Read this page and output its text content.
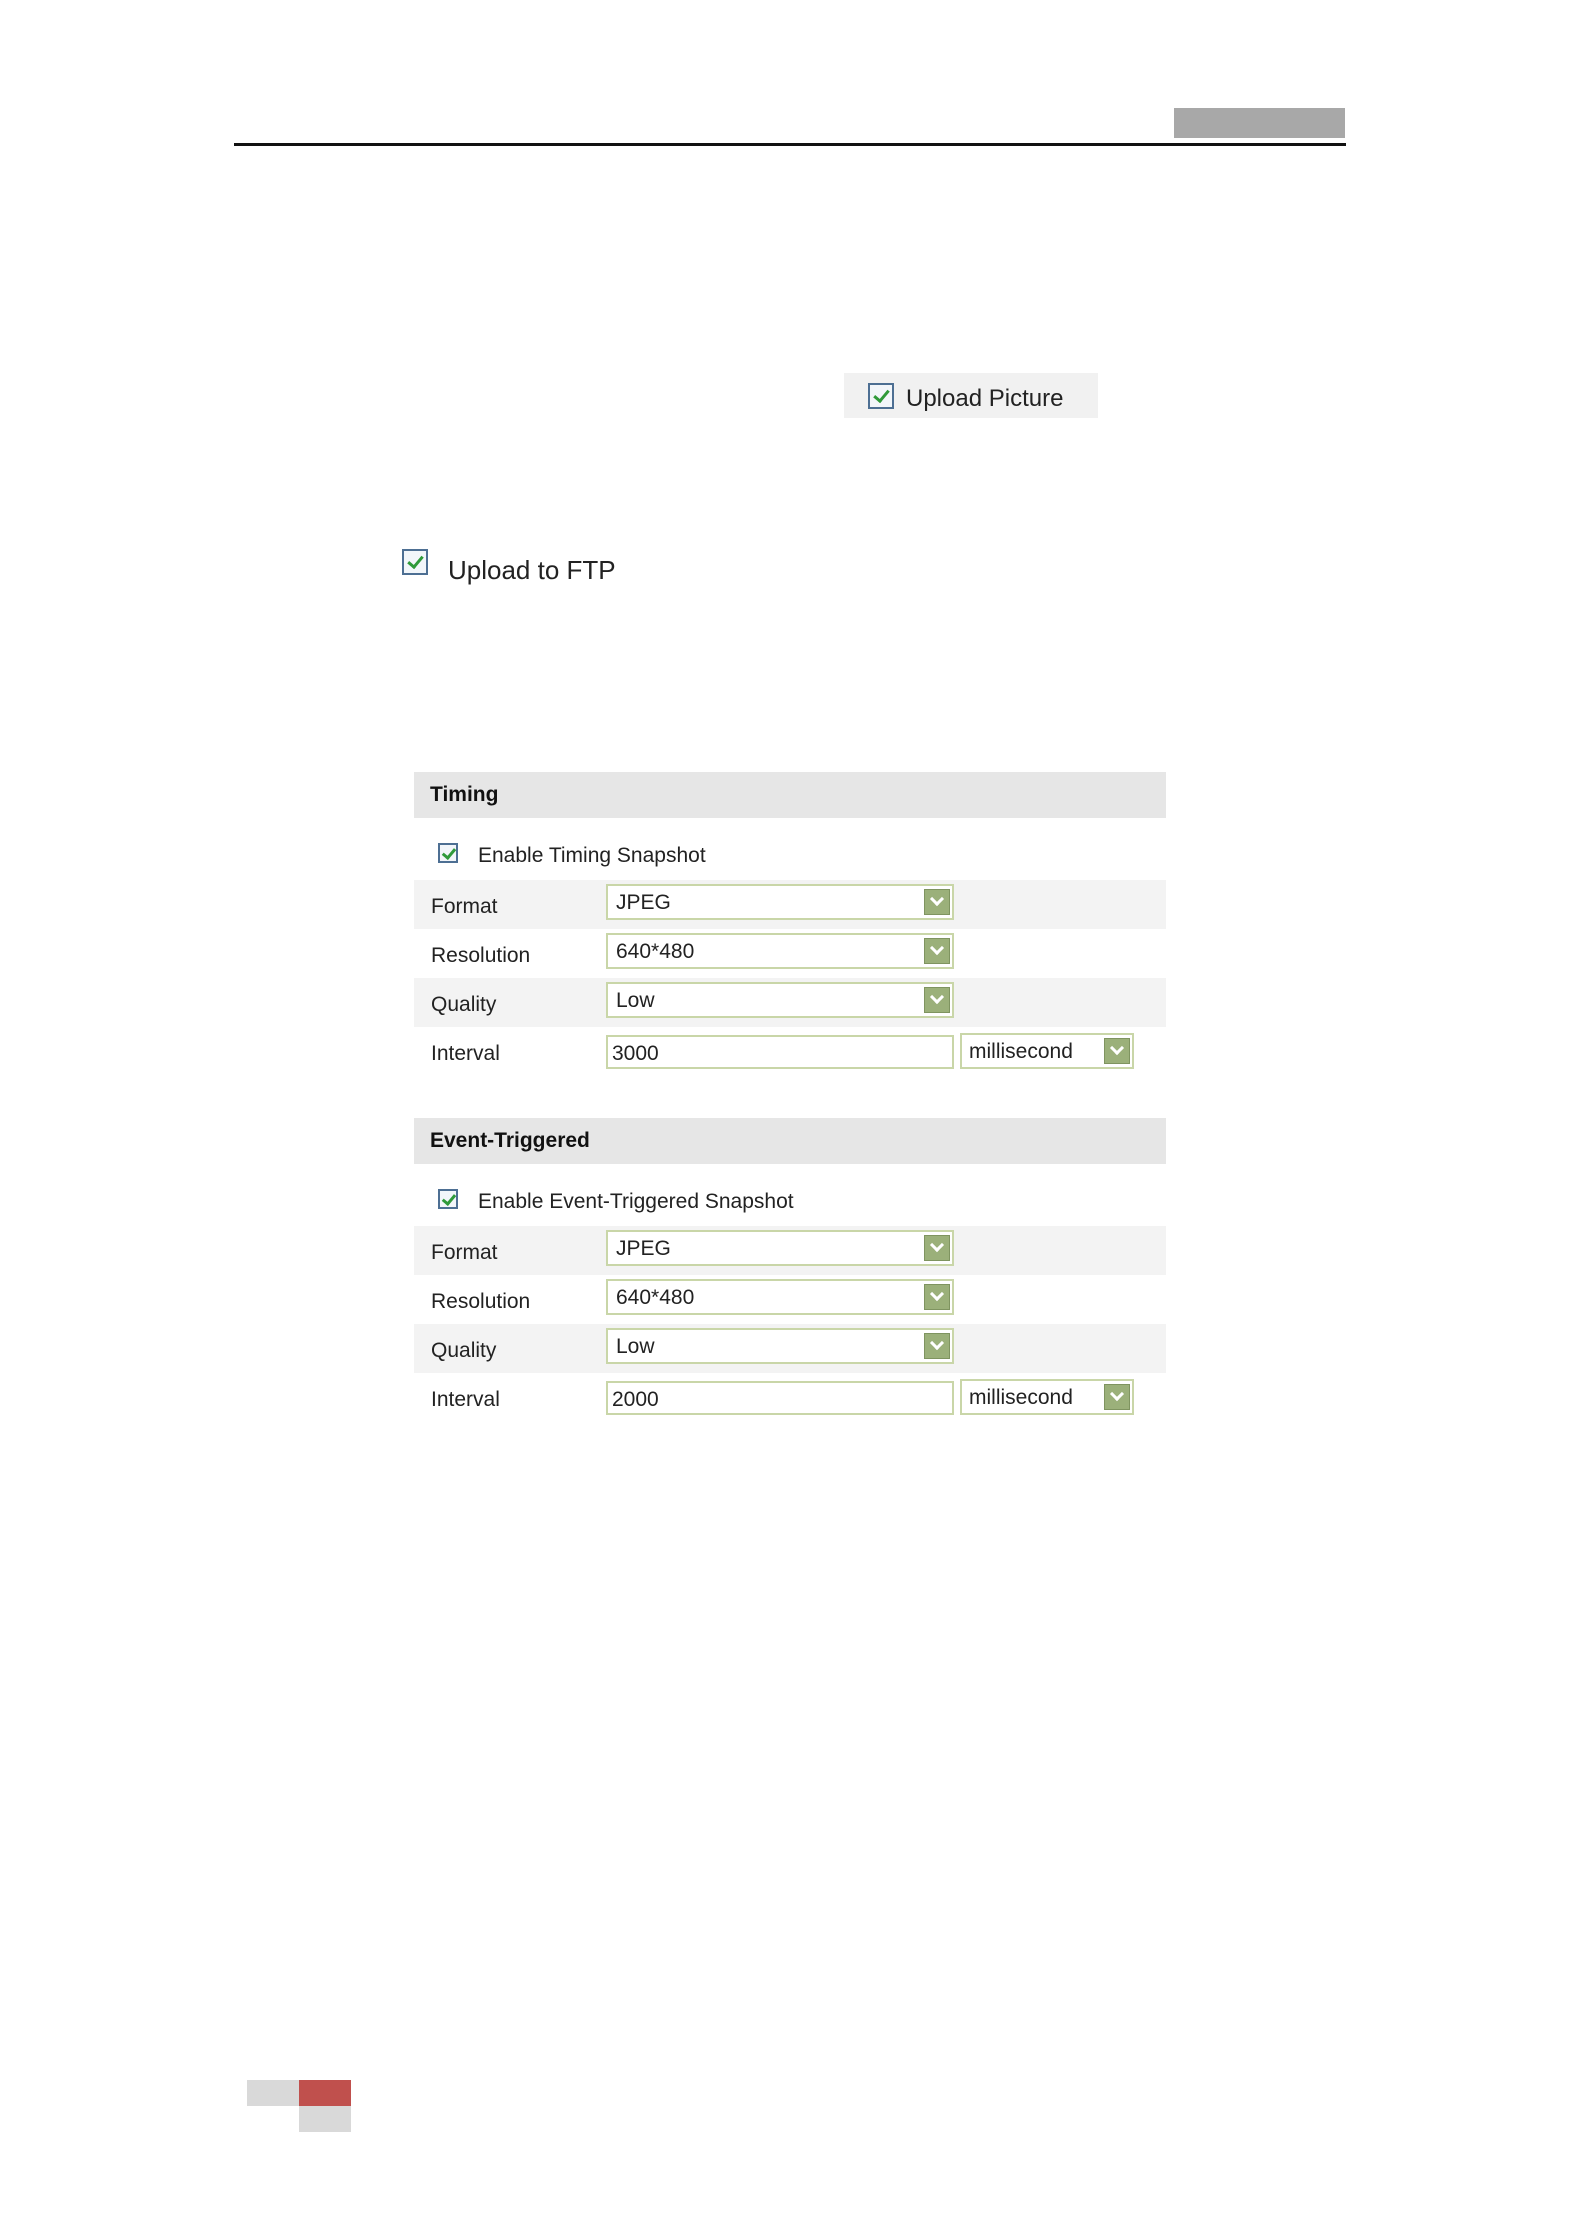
Upload Picture
Upload to FTP
Timing
Enable Timing Snapshot
Format	JPEG
Resolution	640*480
Quality	Low
Interval	3000	millisecond
Event-Triggered
Enable Event-Triggered Snapshot
Format	JPEG
Resolution	640*480
Quality	Low
Interval	2000	millisecond
